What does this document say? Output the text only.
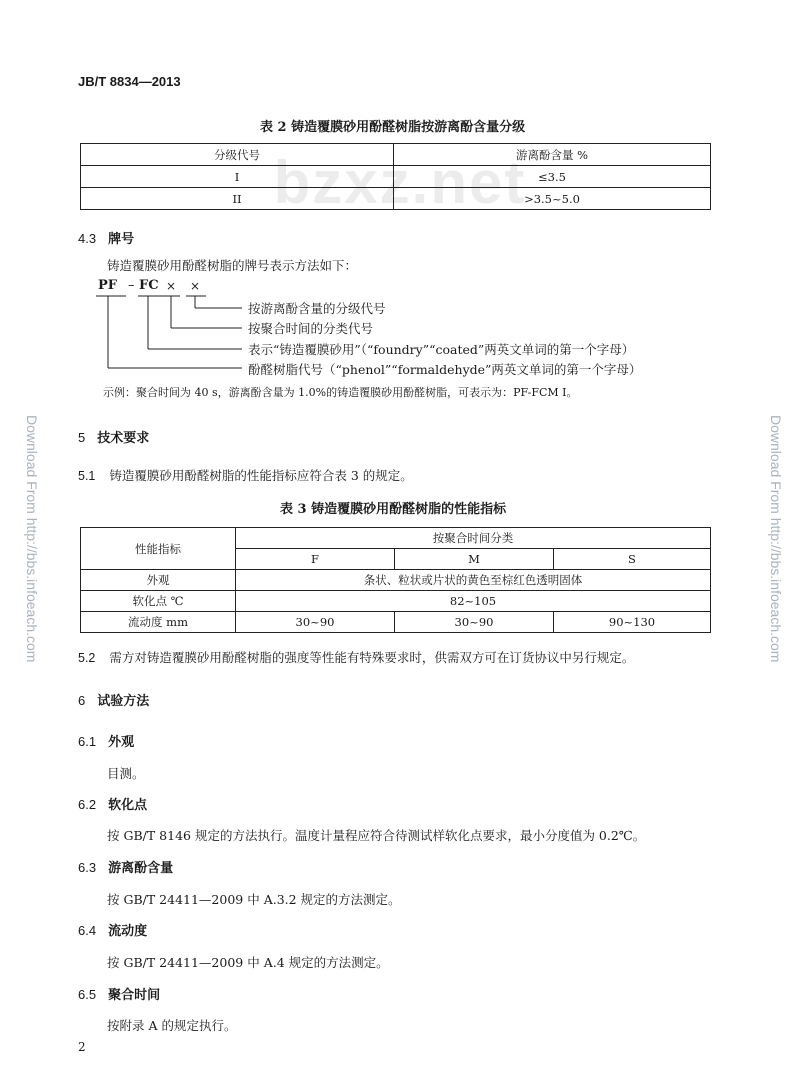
JB/T 8834—2013
bzxz.net
Download From http://bbs.infoeach.com	Download From http://bbs.infoeach.com
表 2 铸造覆膜砂用酚醛树脂按游离酚含量分级
分级代号	游离酚含量 %
I	≤3.5
II	>3.5~5.0
4.3 牌号
铸造覆膜砂用酚醛树脂的牌号表示方法如下：
PF – FC × ×
按游离酚含量的分级代号
按聚合时间的分类代号
表示“铸造覆膜砂用”（“foundry”“coated”两英文单词的第一个字母）
酚醛树脂代号（“phenol”“formaldehyde”两英文单词的第一个字母）
示例：聚合时间为 40 s，游离酚含量为 1.0%的铸造覆膜砂用酚醛树脂，可表示为：PF-FCM I。
5 技术要求
5.1 铸造覆膜砂用酚醛树脂的性能指标应符合表 3 的规定。
表 3 铸造覆膜砂用酚醛树脂的性能指标
性能指标	按聚合时间分类		
	F	M	S
外观	条状、粒状或片状的黄色至棕红色透明固体		
软化点 ℃	82~105		
流动度 mm	30~90	30~90	90~130
5.2 需方对铸造覆膜砂用酚醛树脂的强度等性能有特殊要求时，供需双方可在订货协议中另行规定。
6 试验方法
6.1 外观
目测。
6.2 软化点
按 GB/T 8146 规定的方法执行。温度计量程应符合待测试样软化点要求，最小分度值为 0.2℃。
6.3 游离酚含量
按 GB/T 24411—2009 中 A.3.2 规定的方法测定。
6.4 流动度
按 GB/T 24411—2009 中 A.4 规定的方法测定。
6.5 聚合时间
按附录 A 的规定执行。
2
